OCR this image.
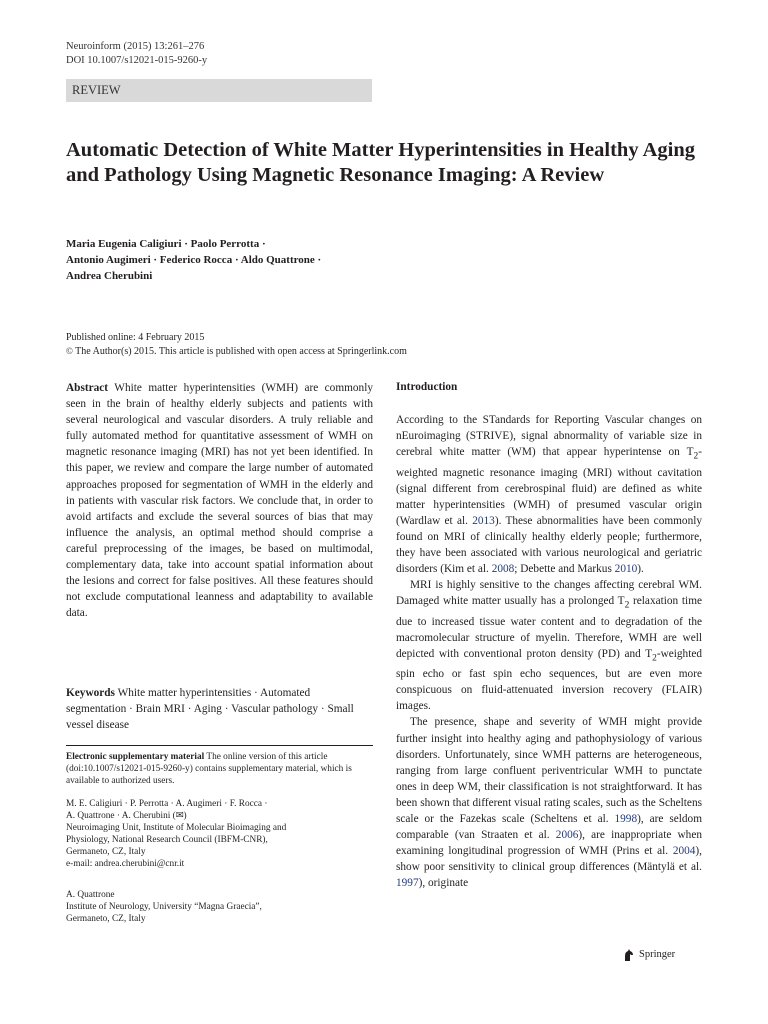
Neuroinform (2015) 13:261–276
DOI 10.1007/s12021-015-9260-y
REVIEW
Automatic Detection of White Matter Hyperintensities in Healthy Aging and Pathology Using Magnetic Resonance Imaging: A Review
Maria Eugenia Caligiuri · Paolo Perrotta ·
Antonio Augimeri · Federico Rocca · Aldo Quattrone ·
Andrea Cherubini
Published online: 4 February 2015
© The Author(s) 2015. This article is published with open access at Springerlink.com
Abstract White matter hyperintensities (WMH) are commonly seen in the brain of healthy elderly subjects and patients with several neurological and vascular disorders. A truly reliable and fully automated method for quantitative assessment of WMH on magnetic resonance imaging (MRI) has not yet been identified. In this paper, we review and compare the large number of automated approaches proposed for segmentation of WMH in the elderly and in patients with vascular risk factors. We conclude that, in order to avoid artifacts and exclude the several sources of bias that may influence the analysis, an optimal method should comprise a careful preprocessing of the images, be based on multimodal, complementary data, take into account spatial information about the lesions and correct for false positives. All these features should not exclude computational leanness and adaptability to available data.
Keywords White matter hyperintensities · Automated segmentation · Brain MRI · Aging · Vascular pathology · Small vessel disease
Electronic supplementary material The online version of this article (doi:10.1007/s12021-015-9260-y) contains supplementary material, which is available to authorized users.
M. E. Caligiuri · P. Perrotta · A. Augimeri · F. Rocca ·
A. Quattrone · A. Cherubini (✉)
Neuroimaging Unit, Institute of Molecular Bioimaging and
Physiology, National Research Council (IBFM-CNR),
Germaneto, CZ, Italy
e-mail: andrea.cherubini@cnr.it
A. Quattrone
Institute of Neurology, University “Magna Graecia”,
Germaneto, CZ, Italy
Introduction

According to the STandards for Reporting Vascular changes on nEuroimaging (STRIVE), signal abnormality of variable size in cerebral white matter (WM) that appear hyperintense on $T_2$-weighted magnetic resonance imaging (MRI) without cavitation (signal different from cerebrospinal fluid) are defined as white matter hyperintensities (WMH) of presumed vascular origin (Wardlaw et al. 2013). These abnormalities have been commonly found on MRI of clinically healthy elderly people; furthermore, they have been associated with various neurological and geriatric disorders (Kim et al. 2008; Debette and Markus 2010).

MRI is highly sensitive to the changes affecting cerebral WM. Damaged white matter usually has a prolonged $T_2$ relaxation time due to increased tissue water content and to degradation of the macromolecular structure of myelin. Therefore, WMH are well depicted with conventional proton density (PD) and $T_2$-weighted spin echo or fast spin echo sequences, but are even more conspicuous on fluid-attenuated inversion recovery (FLAIR) images.

The presence, shape and severity of WMH might provide further insight into healthy aging and pathophysiology of various disorders. Unfortunately, since WMH patterns are heterogeneous, ranging from large confluent periventricular WMH to punctate ones in deep WM, their classification is not straightforward. It has been shown that different visual rating scales, such as the Scheltens scale or the Fazekas scale (Scheltens et al. 1998), are seldom comparable (van Straaten et al. 2006), are inappropriate when examining longitudinal progression of WMH (Prins et al. 2004), show poor sensitivity to clinical group differences (Mäntylä et al. 1997), originate

Springer
